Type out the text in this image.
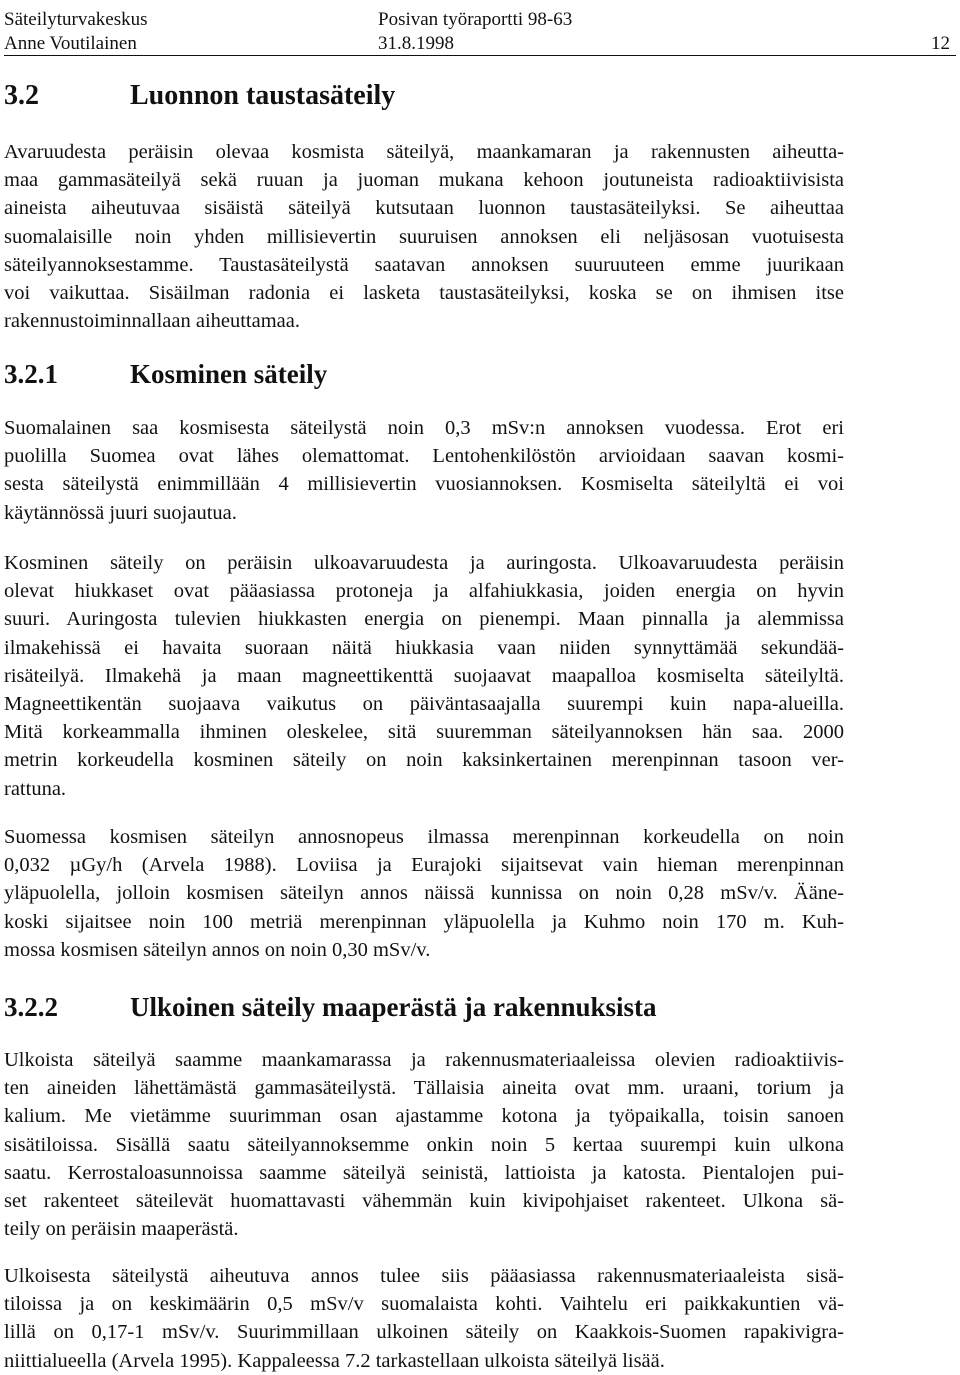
Säteilyturvakeskus	Posivan työraportti 98-63
Anne Voutilainen	31.8.1998	12
3.2	Luonnon taustasäteily
Avaruudesta peräisin olevaa kosmista säteilyä, maankamaran ja rakennusten aiheutta-
maa gammasäteilyä sekä ruuan ja juoman mukana kehoon joutuneista radioaktiivisista
aineista aiheutuvaa sisäistä säteilyä kutsutaan luonnon taustasäteilyksi. Se aiheuttaa
suomalaisille noin yhden millisievertin suuruisen annoksen eli neljäsosan vuotuisesta
säteilyannoksestamme. Taustasäteilystä saatavan annoksen suuruuteen emme juurikaan
voi vaikuttaa. Sisäilman radonia ei lasketa taustasäteilyksi, koska se on ihmisen itse
rakennustoiminnallaan aiheuttamaa.
3.2.1	Kosminen säteily
Suomalainen saa kosmisesta säteilystä noin 0,3 mSv:n annoksen vuodessa. Erot eri
puolilla Suomea ovat lähes olemattomat. Lentohenkilöstön arvioidaan saavan kosmi-
sesta säteilystä enimmillään 4 millisievertin vuosiannoksen. Kosmiselta säteilyltä ei voi
käytännössä juuri suojautua.
Kosminen säteily on peräisin ulkoavaruudesta ja auringosta. Ulkoavaruudesta peräisin
olevat hiukkaset ovat pääasiassa protoneja ja alfahiukkasia, joiden energia on hyvin
suuri. Auringosta tulevien hiukkasten energia on pienempi. Maan pinnalla ja alemmissa
ilmakehissä ei havaita suoraan näitä hiukkasia vaan niiden synnyttämää sekundää-
risäteilyä. Ilmakehä ja maan magneettikenttä suojaavat maapalloa kosmiselta säteilyltä.
Magneettikentän suojaava vaikutus on päiväntasaajalla suurempi kuin napa-alueilla.
Mitä korkeammalla ihminen oleskelee, sitä suuremman säteilyannoksen hän saa. 2000
metrin korkeudella kosminen säteily on noin kaksinkertainen merenpinnan tasoon ver-
rattuna.
Suomessa kosmisen säteilyn annosnopeus ilmassa merenpinnan korkeudella on noin
0,032 µGy/h (Arvela 1988). Loviisa ja Eurajoki sijaitsevat vain hieman merenpinnan
yläpuolella, jolloin kosmisen säteilyn annos näissä kunnissa on noin 0,28 mSv/v. Ääne-
koski sijaitsee noin 100 metriä merenpinnan yläpuolella ja Kuhmo noin 170 m. Kuh-
mossa kosmisen säteilyn annos on noin 0,30 mSv/v.
3.2.2	Ulkoinen säteily maaperästä ja rakennuksista
Ulkoista säteilyä saamme maankamarassa ja rakennusmateriaaleissa olevien radioaktiivis-
ten aineiden lähettämästä gammasäteilystä. Tällaisia aineita ovat mm. uraani, torium ja
kalium. Me vietämme suurimman osan ajastamme kotona ja työpaikalla, toisin sanoen
sisätiloissa. Sisällä saatu säteilyannoksemme onkin noin 5 kertaa suurempi kuin ulkona
saatu. Kerrostaloasunnoissa saamme säteilyä seinistä, lattioista ja katosta. Pientalojen pui-
set rakenteet säteilevät huomattavasti vähemmän kuin kivipohjaiset rakenteet. Ulkona sä-
teily on peräisin maaperästä.
Ulkoisesta säteilystä aiheutuva annos tulee siis pääasiassa rakennusmateriaaleista sisä-
tiloissa ja on keskimäärin 0,5 mSv/v suomalaista kohti. Vaihtelu eri paikkakuntien vä-
lillä on 0,17-1 mSv/v. Suurimmillaan ulkoinen säteily on Kaakkois-Suomen rapakivigra-
niittialueella (Arvela 1995). Kappaleessa 7.2 tarkastellaan ulkoista säteilyä lisää.
